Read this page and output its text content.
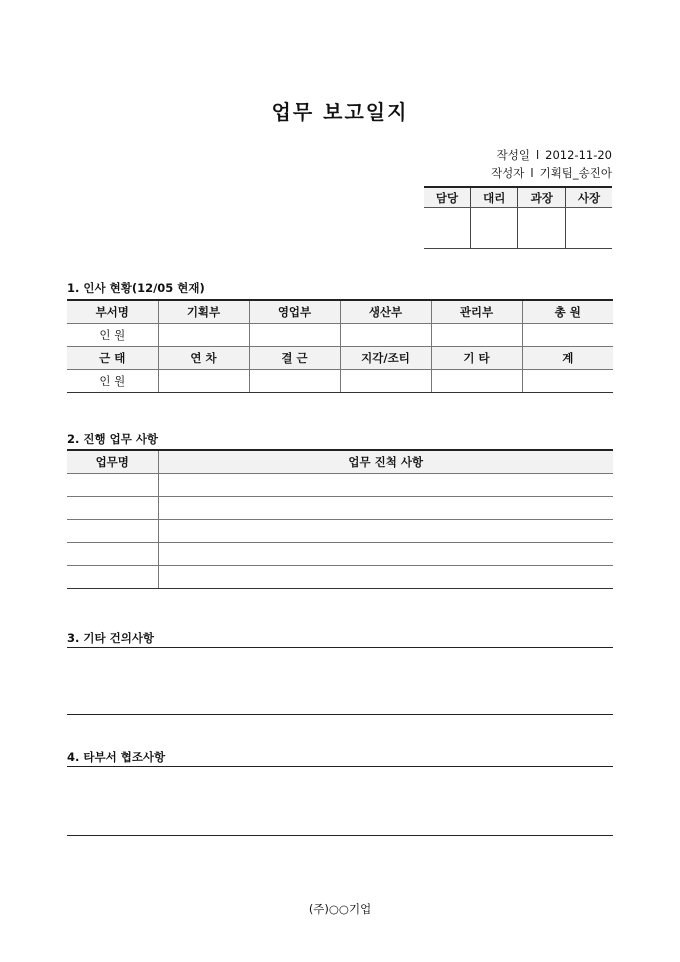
업무 보고일지
작성일 l 2012-11-20
작성자 l 기획팀_송진아
담당	대리	과장	사장

1. 인사 현황(12/05 현재)
부서명	기획부	영업부	생산부	관리부	총 원
인 원					
근 태	연 차	결 근	지각/조티	기 타	계
인 원					
2. 진행 업무 사항
업무명	업무 진척 사항

3. 기타 건의사항
4. 타부서 협조사항
(주)○○기업
